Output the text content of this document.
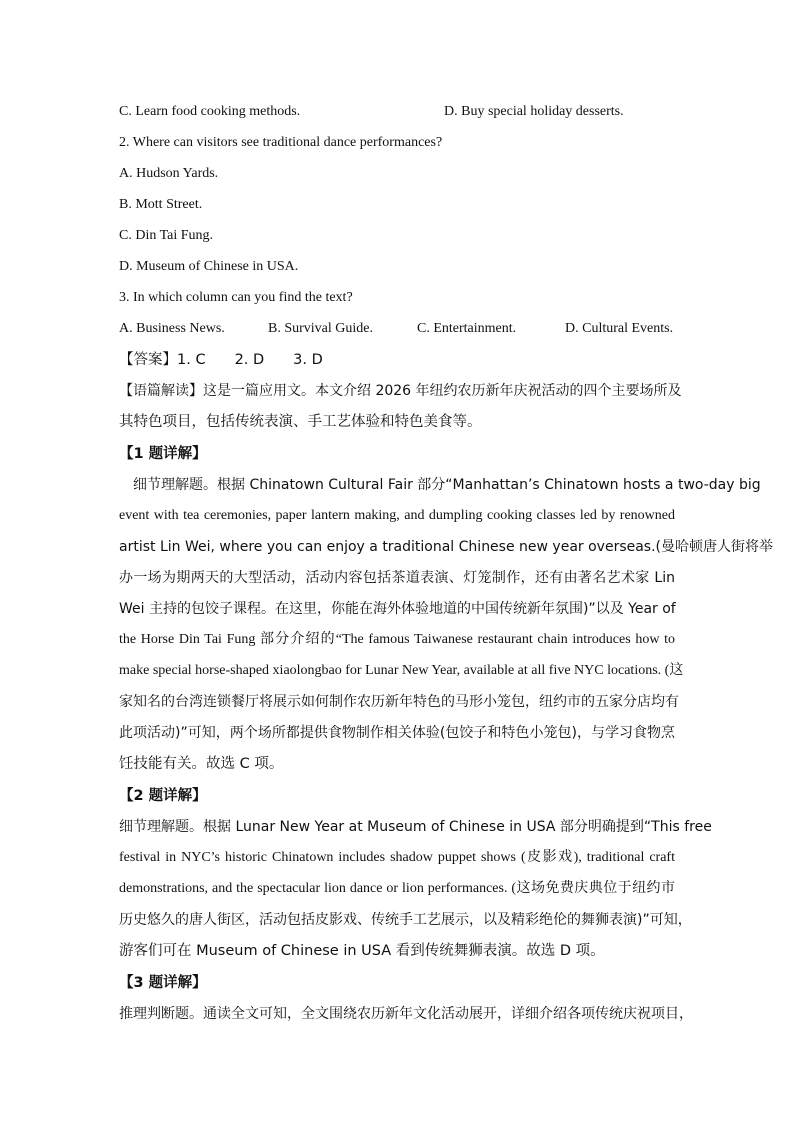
C. Learn food cooking methods.	D. Buy special holiday desserts.
2. Where can visitors see traditional dance performances?
A. Hudson Yards.
B. Mott Street.
C. Din Tai Fung.
D. Museum of Chinese in USA.
3. In which column can you find the text?
A. Business News.	B. Survival Guide.	C. Entertainment.	D. Cultural Events.
【答案】1. C　　2. D　　3. D
【语篇解读】这是一篇应用文。本文介绍 2026 年纽约农历新年庆祝活动的四个主要场所及
其特色项目，包括传统表演、手工艺体验和特色美食等。
【1 题详解】
　细节理解题。根据 Chinatown Cultural Fair 部分“Manhattan’s Chinatown hosts a two-day big
event with tea ceremonies, paper lantern making, and dumpling cooking classes led by renowned
artist Lin Wei, where you can enjoy a traditional Chinese new year overseas.(曼哈顿唐人街将举
办一场为期两天的大型活动，活动内容包括茶道表演、灯笼制作，还有由著名艺术家 Lin
Wei 主持的包饺子课程。在这里，你能在海外体验地道的中国传统新年氛围)”以及 Year of
the Horse Din Tai Fung 部分介绍的“The famous Taiwanese restaurant chain introduces how to
make special horse-shaped xiaolongbao for Lunar New Year, available at all five NYC locations. (这
家知名的台湾连锁餐厅将展示如何制作农历新年特色的马形小笼包，纽约市的五家分店均有
此项活动)”可知，两个场所都提供食物制作相关体验(包饺子和特色小笼包)，与学习食物烹
饪技能有关。故选 C 项。
【2 题详解】
细节理解题。根据 Lunar New Year at Museum of Chinese in USA 部分明确提到“This free
festival in NYC’s historic Chinatown includes shadow puppet shows (皮影戏), traditional craft
demonstrations, and the spectacular lion dance or lion performances. (这场免费庆典位于纽约市
历史悠久的唐人街区，活动包括皮影戏、传统手工艺展示，以及精彩绝伦的舞狮表演)”可知，
游客们可在 Museum of Chinese in USA 看到传统舞狮表演。故选 D 项。
【3 题详解】
推理判断题。通读全文可知，全文围绕农历新年文化活动展开，详细介绍各项传统庆祝项目，
